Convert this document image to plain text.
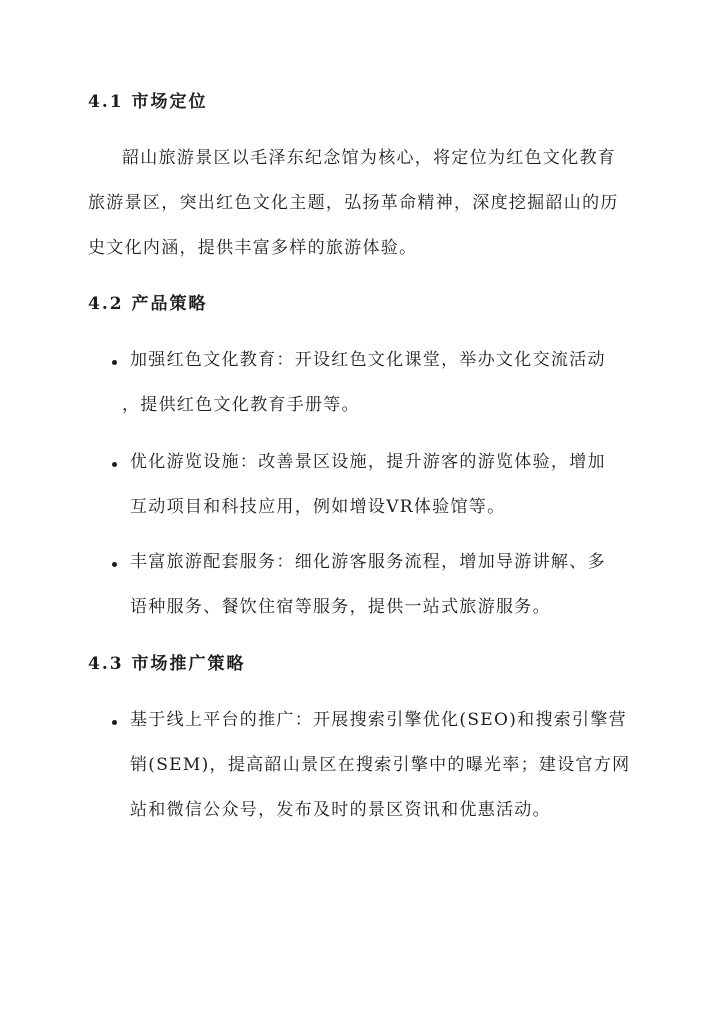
4.1 市场定位
韶山旅游景区以毛泽东纪念馆为核心，将定位为红色文化教育
旅游景区，突出红色文化主题，弘扬革命精神，深度挖掘韶山的历
史文化内涵，提供丰富多样的旅游体验。
4.2 产品策略
加强红色文化教育：开设红色文化课堂，举办文化交流活动
，提供红色文化教育手册等。
优化游览设施：改善景区设施，提升游客的游览体验，增加
互动项目和科技应用，例如增设VR体验馆等。
丰富旅游配套服务：细化游客服务流程，增加导游讲解、多
语种服务、餐饮住宿等服务，提供一站式旅游服务。
4.3 市场推广策略
基于线上平台的推广：开展搜索引擎优化(SEO)和搜索引擎营
销(SEM)，提高韶山景区在搜索引擎中的曝光率；建设官方网
站和微信公众号，发布及时的景区资讯和优惠活动。
